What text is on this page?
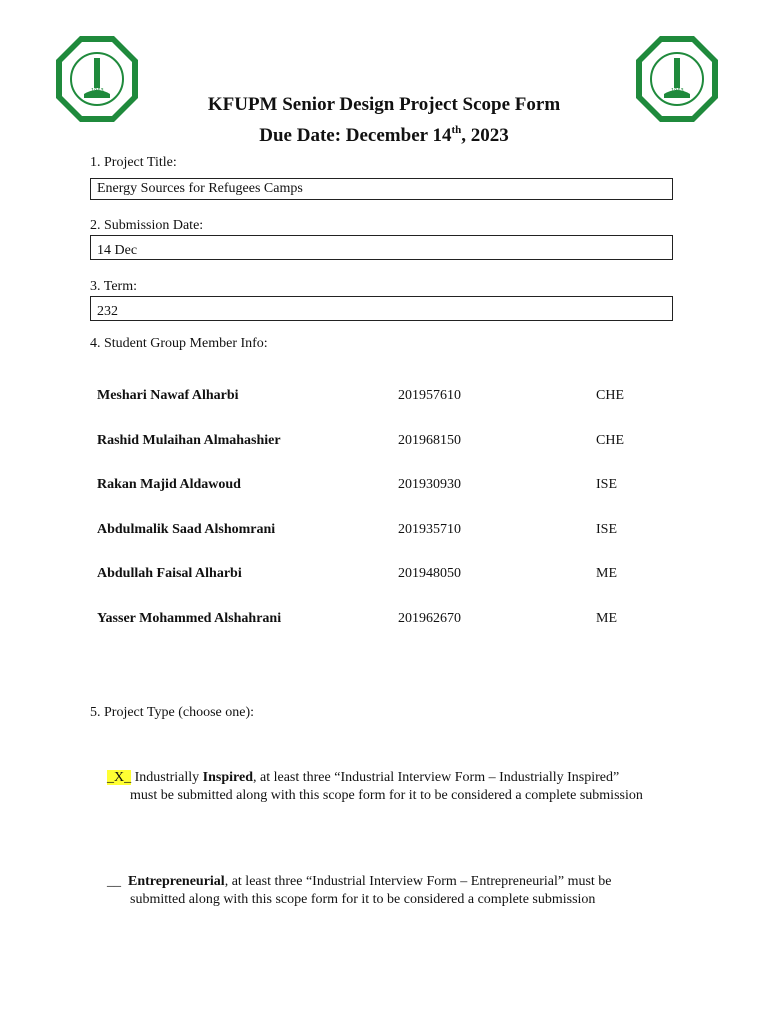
1963	1963
KFUPM Senior Design Project Scope Form
Due Date: December 14th, 2023
1. Project Title:
Energy Sources for Refugees Camps
2. Submission Date:
14 Dec
3. Term:
232
4. Student Group Member Info:
Meshari Nawaf Alharbi	201957610	CHE
Rashid Mulaihan Almahashier	201968150	CHE
Rakan Majid Aldawoud	201930930	ISE
Abdulmalik Saad Alshomrani	201935710	ISE
Abdullah Faisal Alharbi	201948050	ME
Yasser Mohammed Alshahrani	201962670	ME
5. Project Type (choose one):
_X_ Industrially Inspired, at least three “Industrial Interview Form – Industrially Inspired”
must be submitted along with this scope form for it to be considered a complete submission
__ Entrepreneurial, at least three “Industrial Interview Form – Entrepreneurial” must be
submitted along with this scope form for it to be considered a complete submission
